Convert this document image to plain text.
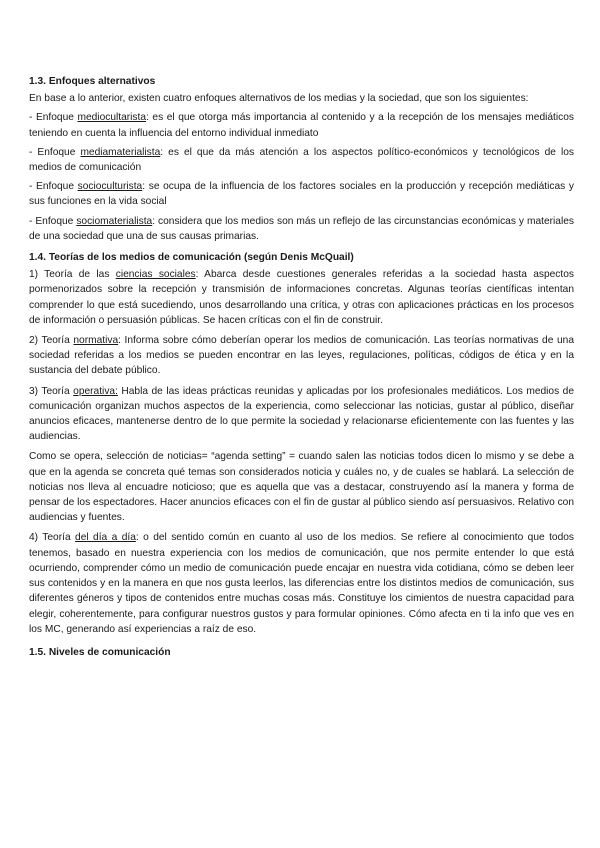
1.3. Enfoques alternativos

En base a lo anterior, existen cuatro enfoques alternativos de los medias y la sociedad, que son los siguientes:

- Enfoque mediocultarista: es el que otorga más importancia al contenido y a la recepción de los mensajes mediáticos teniendo en cuenta la influencia del entorno individual inmediato

- Enfoque mediamaterialista: es el que da más atención a los aspectos político-económicos y tecnológicos de los medios de comunicación

- Enfoque socioculturista: se ocupa de la influencia de los factores sociales en la producción y recepción mediáticas y sus funciones en la vida social

- Enfoque sociomaterialista: considera que los medios son más un reflejo de las circunstancias económicas y materiales de una sociedad que una de sus causas primarias.

1.4. Teorías de los medios de comunicación (según Denis McQuail)

1) Teoría de las ciencias sociales: Abarca desde cuestiones generales referidas a la sociedad hasta aspectos pormenorizados sobre la recepción y transmisión de informaciones concretas. Algunas teorías científicas intentan comprender lo que está sucediendo, unos desarrollando una crítica, y otras con aplicaciones prácticas en los procesos de información o persuasión públicas. Se hacen críticas con el fin de construir.

2) Teoría normativa: Informa sobre cómo deberían operar los medios de comunicación. Las teorías normativas de una sociedad referidas a los medios se pueden encontrar en las leyes, regulaciones, políticas, códigos de ética y en la sustancia del debate público.

3) Teoría operativa: Habla de las ideas prácticas reunidas y aplicadas por los profesionales mediáticos. Los medios de comunicación organizan muchos aspectos de la experiencia, como seleccionar las noticias, gustar al público, diseñar anuncios eficaces, mantenerse dentro de lo que permite la sociedad y relacionarse eficientemente con las fuentes y las audiencias.

Como se opera, selección de noticias= “agenda setting” = cuando salen las noticias todos dicen lo mismo y se debe a que en la agenda se concreta qué temas son considerados noticia y cuáles no, y de cuales se hablará. La selección de noticias nos lleva al encuadre noticioso; que es aquella que vas a destacar, construyendo así la manera y forma de pensar de los espectadores. Hacer anuncios eficaces con el fin de gustar al público siendo así persuasivos. Relativo con audiencias y fuentes.

4) Teoría del día a día: o del sentido común en cuanto al uso de los medios. Se refiere al conocimiento que todos tenemos, basado en nuestra experiencia con los medios de comunicación, que nos permite entender lo que está ocurriendo, comprender cómo un medio de comunicación puede encajar en nuestra vida cotidiana, cómo se deben leer sus contenidos y en la manera en que nos gusta leerlos, las diferencias entre los distintos medios de comunicación, sus diferentes géneros y tipos de contenidos entre muchas cosas más. Constituye los cimientos de nuestra capacidad para elegir, coherentemente, para configurar nuestros gustos y para formular opiniones. Cómo afecta en ti la info que ves en los MC, generando así experiencias a raíz de eso.

1.5. Niveles de comunicación
